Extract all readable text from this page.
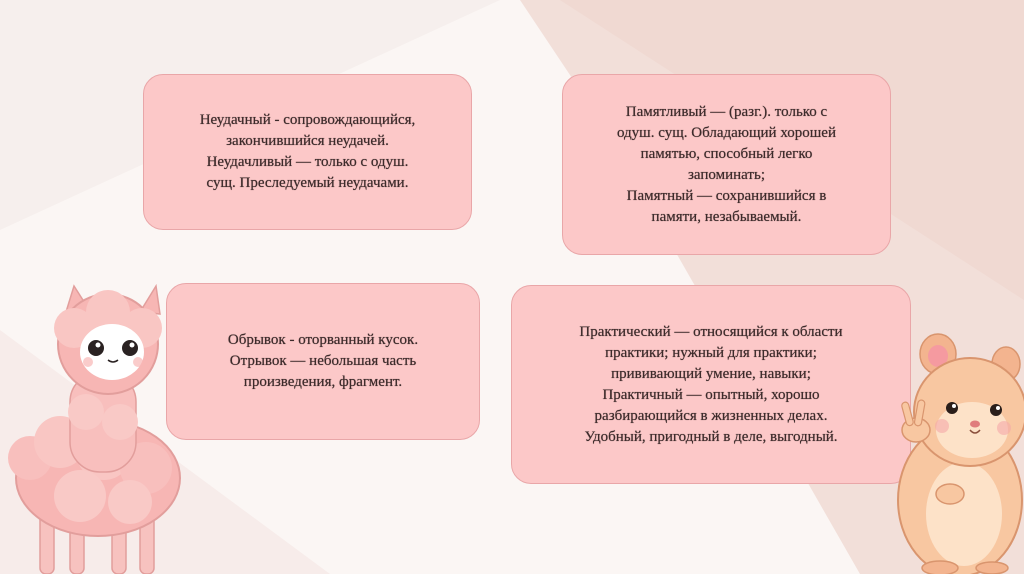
Неудачный - сопровождающийся,
закончившийся неудачей.
Неудачливый — только с одуш.
сущ. Преследуемый неудачами.
Памятливый — (разг.). только с
одуш. сущ. Обладающий хорошей
памятью, способный легко
запоминать;
Памятный — сохранившийся в
памяти, незабываемый.
Обрывок - оторванный кусок.
Отрывок — небольшая часть
произведения, фрагмент.
Практический — относящийся к области
практики; нужный для практики;
прививающий умение, навыки;
Практичный — опытный, хорошо
разбирающийся в жизненных делах.
Удобный, пригодный в деле, выгодный.
